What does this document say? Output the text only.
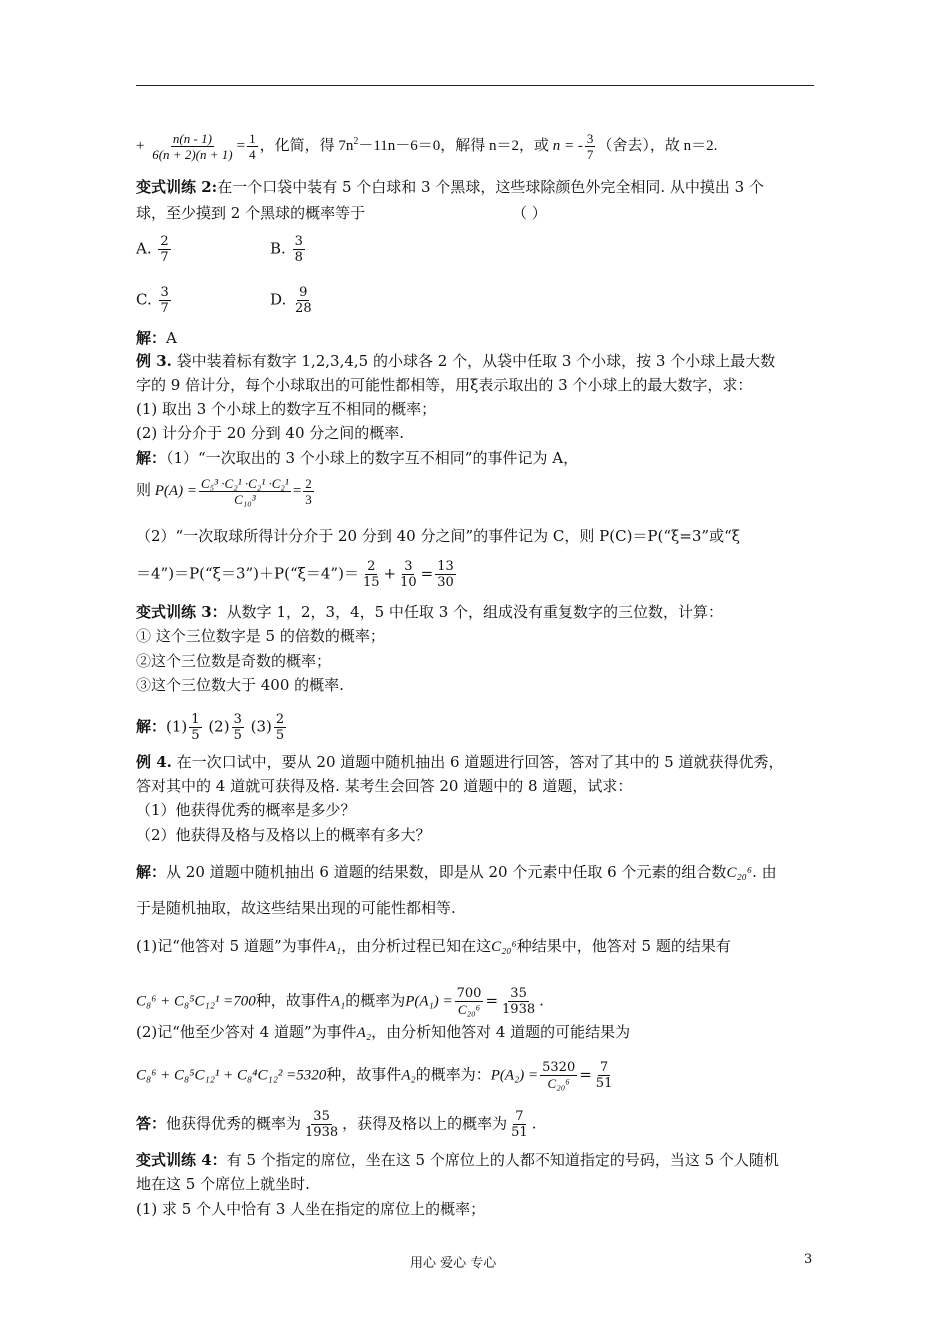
+ $\frac{n(n - 1)}{6(n + 2)(n + 1)} = \frac{1}{4}$ ，化简，得 $7n^2-11n-6=0$，解得 n＝2，或 n = - $\frac{3}{7}$ （舍去），故 n＝2.
变式训练 2:在一个口袋中装有 5 个白球和 3 个黑球，这些球除颜色外完全相同. 从中摸出 3 个
球，至少摸到 2 个黑球的概率等于	（ ）
A. $\frac{2}{7}$	B. $\frac{3}{8}$
C. $\frac{3}{7}$	D. $\frac{9}{28}$
解：A
例 3. 袋中装着标有数字 1,2,3,4,5 的小球各 2 个，从袋中任取 3 个小球，按 3 个小球上最大数
字的 9 倍计分，每个小球取出的可能性都相等，用ξ表示取出的 3 个小球上的最大数字，求：
(1) 取出 3 个小球上的数字互不相同的概率；
(2) 计分介于 20 分到 40 分之间的概率.
解：（1）“一次取出的 3 个小球上的数字互不相同”的事件记为 A，
则 $P(A) = \frac{\text{C₅³ ·C₂¹ ·C₂¹ ·C₂¹}}{\text{C₁₀³}} = \frac{2}{3}$
（2）“一次取球所得计分介于 20 分到 40 分之间”的事件记为 C，则 P(C)＝P(“ξ=3”或“ξ
＝4”)＝P(“ξ＝3”)＋P(“ξ＝4”)＝ $\frac{2}{15} + \frac{3}{10} = \frac{13}{30}$
变式训练 3：从数字 1，2，3，4，5 中任取 3 个，组成没有重复数字的三位数，计算：
① 这个三位数字是 5 的倍数的概率；
②这个三位数是奇数的概率；
③这个三位数大于 400 的概率.
解：$(1) \frac{1}{5} (2) \frac{3}{5} (3) \frac{2}{5}$
例 4. 在一次口试中，要从 20 道题中随机抽出 6 道题进行回答，答对了其中的 5 道就获得优秀，
答对其中的 4 道就可获得及格. 某考生会回答 20 道题中的 8 道题，试求：
（1）他获得优秀的概率是多少？
（2）他获得及格与及格以上的概率有多大？
解：从 20 道题中随机抽出 6 道题的结果数，即是从 20 个元素中任取 6 个元素的组合数C₂₀⁶. 由
于是随机抽取，故这些结果出现的可能性都相等.
(1)记“他答对 5 道题”为事件A₁，由分析过程已知在这C₂₀⁶种结果中，他答对 5 题的结果有
C₈⁶ + C₈⁵C₁₂¹ =700种，故事件A₁的概率为$P(A_1) = \frac{700}{\text{C₂₀⁶}} = \frac{35}{1938}$ .
(2)记“他至少答对 4 道题”为事件A₂，由分析知他答对 4 道题的可能结果为
C₈⁶ + C₈⁵C₁₂¹ + C₈⁴C₁₂² =5320种，故事件A₂的概率为：$P(A_2) = \frac{5320}{\text{C₂₀⁶}} = \frac{7}{51}$
答：他获得优秀的概率为 $\frac{35}{1938}$ ，获得及格以上的概率为 $\frac{7}{51}$ .
变式训练 4：有 5 个指定的席位，坐在这 5 个席位上的人都不知道指定的号码，当这 5 个人随机
地在这 5 个席位上就坐时.
(1) 求 5 个人中恰有 3 人坐在指定的席位上的概率；
用心 爱心 专心	3
